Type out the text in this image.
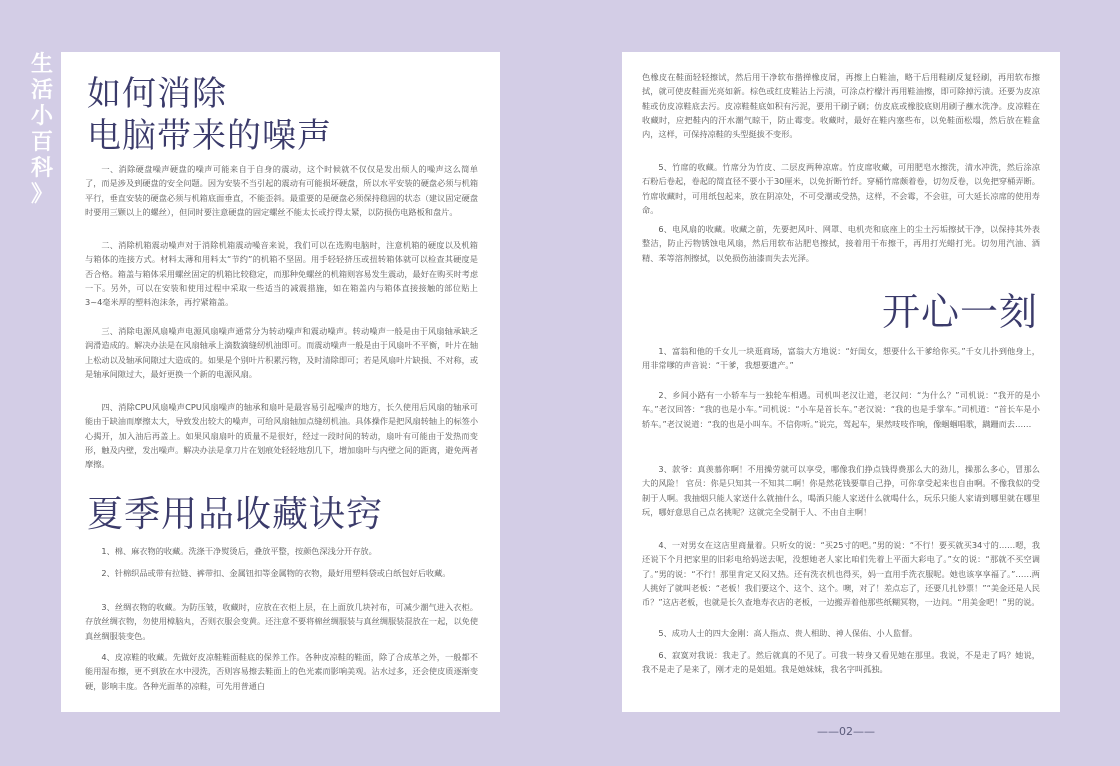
生
活
小
百
科
》
如何消除
电脑带来的噪声

一、消除硬盘噪声硬盘的噪声可能来自于自身的震动，这个时候就不仅仅是发出烦人的噪声这么简单了，而是涉及到硬盘的安全问题。因为安装不当引起的震动有可能损坏硬盘，所以水平安装的硬盘必须与机箱平行，垂直安装的硬盘必须与机箱底面垂直，不能歪斜。最重要的是硬盘必须保持稳固的状态（建议固定硬盘时要用三颗以上的螺丝），但同时要注意硬盘的固定螺丝不能太长或拧得太紧，以防损伤电路板和盘片。

二、消除机箱震动噪声对于消除机箱震动噪音来说，我们可以在选购电脑时，注意机箱的硬度以及机箱与箱体的连接方式。材料太薄和用料太“节约”的机箱不坚固。用手轻轻挤压或扭转箱体就可以检查其硬度是否合格。箱盖与箱体采用螺丝固定的机箱比较稳定，而那种免螺丝的机箱则容易发生震动，最好在购买时考虑一下。另外，可以在安装和使用过程中采取一些适当的减震措施，如在箱盖内与箱体直接接触的部位贴上3~4毫米厚的塑料泡沫条，再拧紧箱盖。

三、消除电源风扇噪声电源风扇噪声通常分为转动噪声和震动噪声。转动噪声一般是由于风扇轴承缺乏润滑造成的。解决办法是在风扇轴承上滴数滴缝纫机油即可。而震动噪声一般是由于风扇叶不平衡，叶片在轴上松动以及轴承间隙过大造成的。如果是个别叶片积累污物，及时清除即可；若是风扇叶片缺损、不对称，或是轴承间隙过大，最好更换一个新的电源风扇。

四、消除CPU风扇噪声CPU风扇噪声的轴承和扇叶是最容易引起噪声的地方，长久使用后风扇的轴承可能由于缺油而摩擦太大，导致发出较大的噪声，可给风扇轴加点缝纫机油。具体操作是把风扇转轴上的标签小心揭开，加入油后再盖上。如果风扇扇叶的质量不是很好，经过一段时间的转动，扇叶有可能由于发热而变形，触及内壁，发出噪声。解决办法是拿刀片在划痕处轻轻地刮几下，增加扇叶与内壁之间的距离，避免两者摩擦。

夏季用品收藏诀窍

1、棉、麻衣物的收藏。洗涤干净熨烫后，叠放平整，按颜色深浅分开存放。

2、针棉织品或带有拉链、裤带扣、金属钮扣等金属物的衣物，最好用塑料袋或白纸包好后收藏。

3、丝绸衣物的收藏。为防压皱，收藏时，应放在衣柜上层，在上面放几块衬布，可减少潮气进入衣柜。存放丝绸衣物，勿使用樟脑丸，否则衣服会变黄。还注意不要将棉丝绸服装与真丝绸服装混放在一起，以免使真丝绸服装变色。

4、皮凉鞋的收藏。先做好皮凉鞋鞋面鞋底的保养工作。各种皮凉鞋的鞋面，除了合成革之外，一般都不能用湿布擦，更不到放在水中浸洗，否则容易擦去鞋面上的色光素而影响美观。沾水过多，还会使皮质逐渐变硬，影响丰度。各种光面革的凉鞋，可先用普通白

色橡皮在鞋面轻轻擦试，然后用干净软布揩掸橡皮屑，再擦上白鞋油，略干后用鞋刷反复轻刷，再用软布擦拭，就可使皮鞋面光亮如新。棕色或红皮鞋沾上污渍，可涂点柠檬汁再用鞋油擦，即可除掉污渍。还要为皮凉鞋或仿皮凉鞋底去污。皮凉鞋鞋底如积有污泥，要用干刷子刷；仿皮底或橡胶底则用刷子蘸水洗净。皮凉鞋在收藏时，应把鞋内的汗水潮气晾干，防止霉变。收藏时，最好在鞋内塞些布，以免鞋面松塌，然后放在鞋盒内，这样，可保持凉鞋的头型挺拔不变形。

5、竹席的收藏。竹席分为竹皮、二层皮两种凉席。竹皮席收藏，可用肥皂水擦洗，清水冲洗，然后涂凉石粉后卷起，卷起的简直径不要小于30厘米，以免折断竹纤。穿桶竹席颇着卷，切勿反卷，以免把穿桶弄断。竹席收藏时，可用纸包起来，放在阴凉处，不可受潮或受热，这样，不会霉，不会驻，可大延长凉席的使用寿命。

6、电风扇的收藏。收藏之前，先要把风叶、网罩、电机壳和底座上的尘土污垢擦拭干净，以保持其外表整洁，防止污物锈蚀电风扇，然后用软布沾肥皂擦拭，接着用干布擦干，再用打光蜡打光。切勿用汽油、酒精、苯等溶剂擦拭，以免损伤油漆而失去光泽。

开心一刻

1、富翁和他的千女儿一块逛商场，富翁大方地说：“好闺女，想要什么干爹给你买。”千女儿扑到他身上，用非常嗲的声音说：“干爹，我想要遗产。”

2、乡间小路有一小轿车与一独轮车相遇。司机叫老汉让道，老汉问：“为什么？”司机说：“我开的是小车。”老汉回答：“我的也是小车。”司机说：“小车是首长车。”老汉说：“我的也是手掌车。”司机道：“首长车是小轿车。”老汉说道：“我的也是小叫车。不信你听。”说完，驾起车，果然吱吱作响，像蝈蝈唱歌，蹒跚而去……

3、款爷：真羡慕你啊！不用操劳就可以享受，哪像我们挣点钱得费那么大的劲儿，操那么多心，冒那么大的风险！ 官员：你是只知其一不知其二啊！你是然花钱要靠自己挣，可你拿受起来也自由啊。不像我似的受制于人啊。我抽烟只能人家送什么就抽什么，喝酒只能人家送什么就喝什么，玩乐只能人家请到哪里就在哪里玩，哪好意思自己点名挑呢？这就完全受制于人、不由自主啊！

4、一对男女在这店里商量着。只听女的说：“买25寸的吧。”男的说：“不行！要买就买34寸的……嗯，我还说下个月把家里的旧彩电给妈送去呢，没想她老人家比咱们先着上平面大彩电了。”女的说：“那就不买空调了。”男的说：“不行！那里肯定又闷又热。还有洗衣机也得买，妈一直用手洗衣服呢。她也该享享福了。”……两人挑好了就叫老板：“老板！我们要这个、这个、这个。噢，对了！差点忘了，还要几扎钞票！”“美金还是人民币？”这店老板，也就是长久查地寿衣店的老板，一边搬弄着他那些纸糊冥物，一边问。“用美金吧！”男的说。

5、成功人士的四大金刚：高人指点、贵人相助、神人保佑、小人监督。

6、寂寞对我说：我走了。然后就真的不见了。可我一转身又看见她在那里。我说，不是走了吗？她说，我不是走了是来了，刚才走的是姐姐。我是她妹妹，我名字叫孤独。

——02——
